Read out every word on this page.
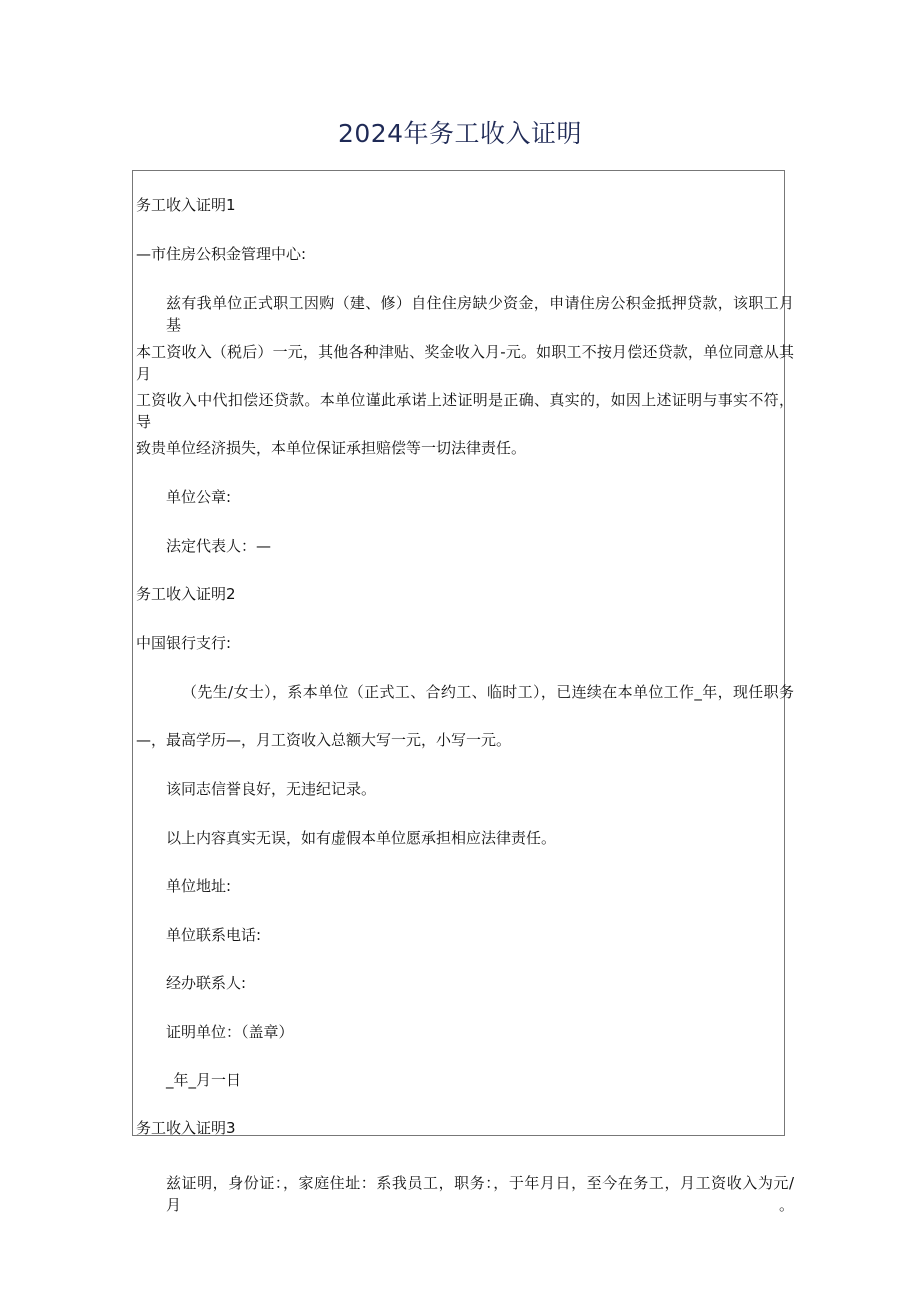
2024年务工收入证明
务工收入证明1
—市住房公积金管理中心:
兹有我单位正式职工因购（建、修）自住住房缺少资金，申请住房公积金抵押贷款，该职工月基
本工资收入（税后）一元，其他各种津贴、奖金收入月-元。如职工不按月偿还贷款，单位同意从其月
工资收入中代扣偿还贷款。本单位谨此承诺上述证明是正确、真实的，如因上述证明与事实不符，导
致贵单位经济损失，本单位保证承担赔偿等一切法律责任。
单位公章:
法定代表人：—
务工收入证明2
中国银行支行:
（先生/女士），系本单位（正式工、合约工、临时工），已连续在本单位工作_年，现任职务
—，最高学历—，月工资收入总额大写一元，小写一元。
该同志信誉良好，无违纪记录。
以上内容真实无误，如有虚假本单位愿承担相应法律责任。
单位地址:
单位联系电话:
经办联系人:
证明单位：（盖章）
_年_月一日
务工收入证明3
兹证明，身份证：，家庭住址：系我员工，职务：，于年月日，至今在务工，月工资收入为元/月。
